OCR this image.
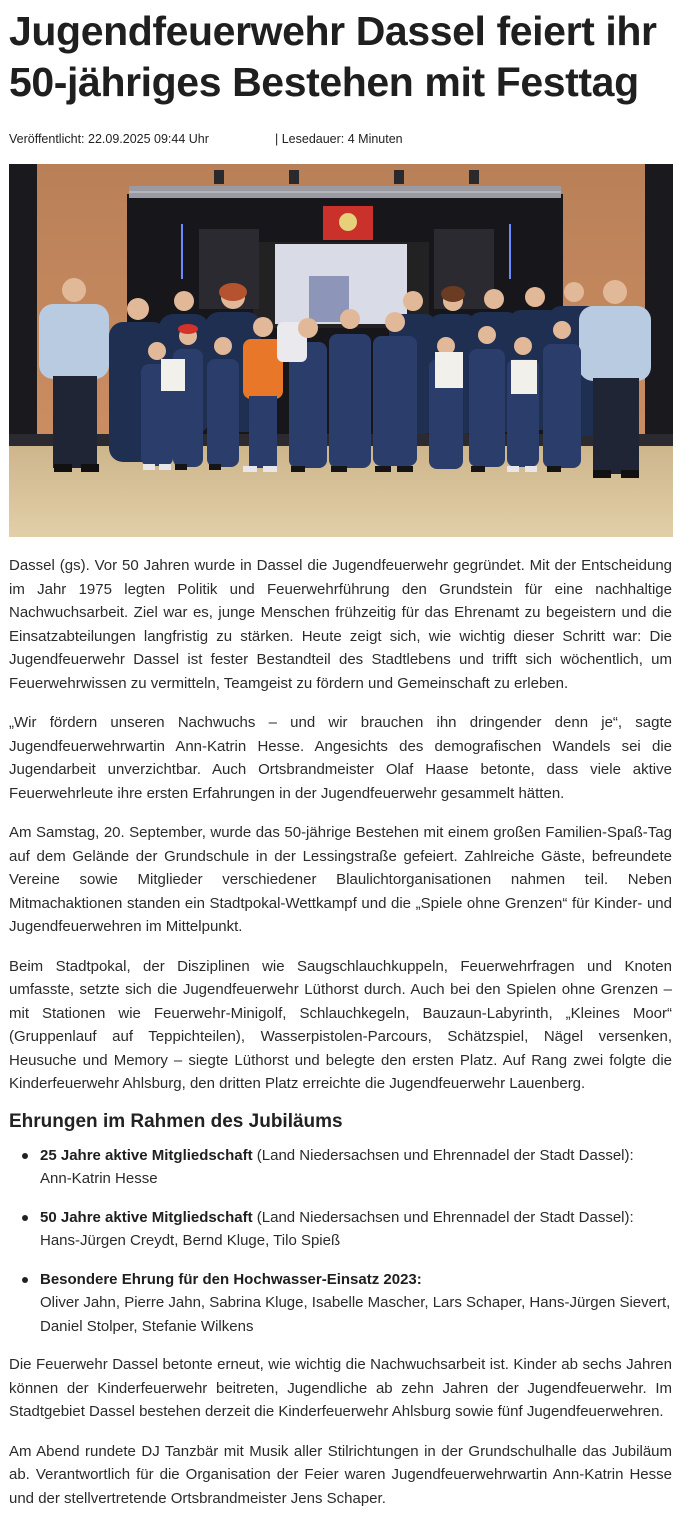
Jugendfeuerwehr Dassel feiert ihr 50-jähriges Bestehen mit Festtag
Veröffentlicht: 22.09.2025 09:44 Uhr	| Lesedauer: 4 Minuten

Dassel (gs). Vor 50 Jahren wurde in Dassel die Jugendfeuerwehr gegründet. Mit der Entscheidung im Jahr 1975 legten Politik und Feuerwehrführung den Grundstein für eine nachhaltige Nachwuchsarbeit. Ziel war es, junge Menschen frühzeitig für das Ehrenamt zu begeistern und die Einsatzabteilungen langfristig zu stärken. Heute zeigt sich, wie wichtig dieser Schritt war: Die Jugendfeuerwehr Dassel ist fester Bestandteil des Stadtlebens und trifft sich wöchentlich, um Feuerwehrwissen zu vermitteln, Teamgeist zu fördern und Gemeinschaft zu erleben.

„Wir fördern unseren Nachwuchs – und wir brauchen ihn dringender denn je“, sagte Jugendfeuerwehrwartin Ann-Katrin Hesse. Angesichts des demografischen Wandels sei die Jugendarbeit unverzichtbar. Auch Ortsbrandmeister Olaf Haase betonte, dass viele aktive Feuerwehrleute ihre ersten Erfahrungen in der Jugendfeuerwehr gesammelt hätten.

Am Samstag, 20. September, wurde das 50-jährige Bestehen mit einem großen Familien-Spaß-Tag auf dem Gelände der Grundschule in der Lessingstraße gefeiert. Zahlreiche Gäste, befreundete Vereine sowie Mitglieder verschiedener Blaulichtorganisationen nahmen teil. Neben Mitmachaktionen standen ein Stadtpokal-Wettkampf und die „Spiele ohne Grenzen“ für Kinder- und Jugendfeuerwehren im Mittelpunkt.

Beim Stadtpokal, der Disziplinen wie Saugschlauchkuppeln, Feuerwehrfragen und Knoten umfasste, setzte sich die Jugendfeuerwehr Lüthorst durch. Auch bei den Spielen ohne Grenzen – mit Stationen wie Feuerwehr-Minigolf, Schlauchkegeln, Bauzaun-Labyrinth, „Kleines Moor“ (Gruppenlauf auf Teppichteilen), Wasserpistolen-Parcours, Schätzspiel, Nägel versenken, Heusuche und Memory – siegte Lüthorst und belegte den ersten Platz. Auf Rang zwei folgte die Kinderfeuerwehr Ahlsburg, den dritten Platz erreichte die Jugendfeuerwehr Lauenberg.

Ehrungen im Rahmen des Jubiläums
25 Jahre aktive Mitgliedschaft (Land Niedersachsen und Ehrennadel der Stadt Dassel):
Ann-Katrin Hesse
50 Jahre aktive Mitgliedschaft (Land Niedersachsen und Ehrennadel der Stadt Dassel):
Hans-Jürgen Creydt, Bernd Kluge, Tilo Spieß
Besondere Ehrung für den Hochwasser-Einsatz 2023:
Oliver Jahn, Pierre Jahn, Sabrina Kluge, Isabelle Mascher, Lars Schaper, Hans-Jürgen Sievert, Daniel Stolper, Stefanie Wilkens

Die Feuerwehr Dassel betonte erneut, wie wichtig die Nachwuchsarbeit ist. Kinder ab sechs Jahren können der Kinderfeuerwehr beitreten, Jugendliche ab zehn Jahren der Jugendfeuerwehr. Im Stadtgebiet Dassel bestehen derzeit die Kinderfeuerwehr Ahlsburg sowie fünf Jugendfeuerwehren.

Am Abend rundete DJ Tanzbär mit Musik aller Stilrichtungen in der Grundschulhalle das Jubiläum ab. Verantwortlich für die Organisation der Feier waren Jugendfeuerwehrwartin Ann-Katrin Hesse und der stellvertretende Ortsbrandmeister Jens Schaper.
